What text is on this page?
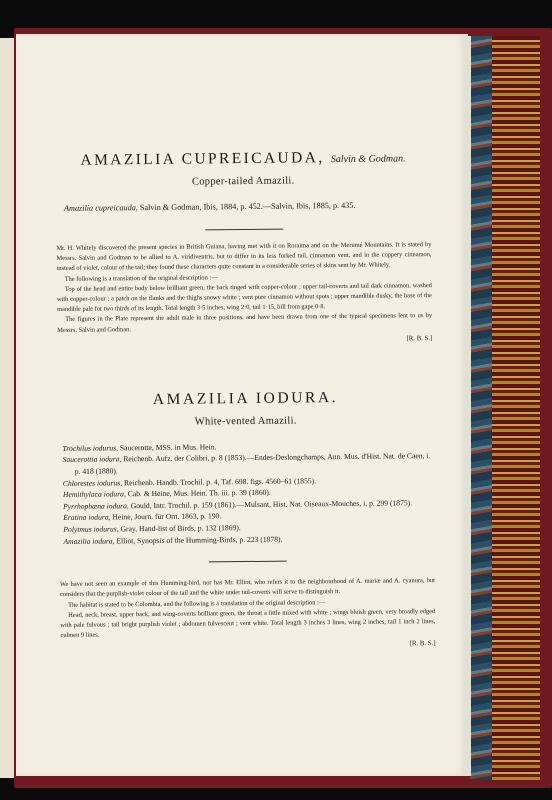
AMAZILIA CUPREICAUDA, Salvin & Godman.
Copper-tailed Amazili.
Amazilia cupreicauda, Salvin & Godman, Ibis, 1884, p. 452.—Salvin, Ibis, 1885, p. 435.

Mr. H. Whitely discovered the present species in British Guiana, having met with it on Roraima and on the Merumé Mountains. It is stated by Messrs. Salvin and Godman to be allied to A. viridiventris, but to differ in its less forked tail, cinnamon vent, and in the coppery cinnamon, instead of violet, colour of the tail; they found these characters quite constant in a considerable series of skins sent by Mr. Whitely.

The following is a translation of the original description :—

Top of the head and entire body below brilliant green, the back tinged with copper-colour ; upper tail-coverts and tail dark cinnamon, washed with copper-colour ; a patch on the flanks and the thighs snowy white ; vent pure cinnamon without spots ; upper mandible dusky, the base of the mandible pale for two thirds of its length. Total length 3·5 inches, wing 2·0, tail 1·15, bill from gape 0·8.

The figures in the Plate represent the adult male in three positions, and have been drawn from one of the typical specimens lent to us by Messrs. Salvin and Godman.

[R. B. S.]
AMAZILIA IODURA.
White-vented Amazili.
Trochilus iodurus, Saucerotte, MSS. in Mus. Hein.
Saucerottia iodura, Reichenb. Aufz. der Colibri, p. 8 (1853).—Endes-Deslongchamps, Ann. Mus. d'Hist. Nat. de Caen, i. p. 418 (1880).
Chlorestes iodurus, Reichenb. Handb. Trochil. p. 4, Taf. 698. figs. 4560–61 (1855).
Hemithylaca iodura, Cab. & Heine, Mus. Hein. Th. iii. p. 39 (1860).
Pyrrhophæna iodura, Gould, Intr. Trochil. p. 159 (1861).—Mulsant, Hist. Nat. Oiseaux-Mouches, i. p. 299 (1875).
Eratina iodura, Heine, Journ. für Orn. 1863, p. 190.
Polytmus iodurus, Gray, Hand-list of Birds, p. 132 (1869).
Amazilia iodura, Elliot, Synopsis of the Humming-Birds, p. 223 (1878).

We have not seen an example of this Humming-bird, nor has Mr. Elliot, who refers it to the neighbourhood of A. mariæ and A. cyanura, but considers that the purplish-violet colour of the tail and the white under tail-coverts will serve to distinguish it.

The habitat is stated to be Colombia, and the following is a translation of the original description :—

Head, neck, breast, upper back, and wing-coverts brilliant green, the throat a little mixed with white ; wings bluish green, very broadly edged with pale fulvous ; tail bright purplish violet ; abdomen fulvescent ; vent white. Total length 3 inches 3 lines, wing 2 inches, tail 1 inch 2 lines, culmen 9 lines.

[R. B. S.]
